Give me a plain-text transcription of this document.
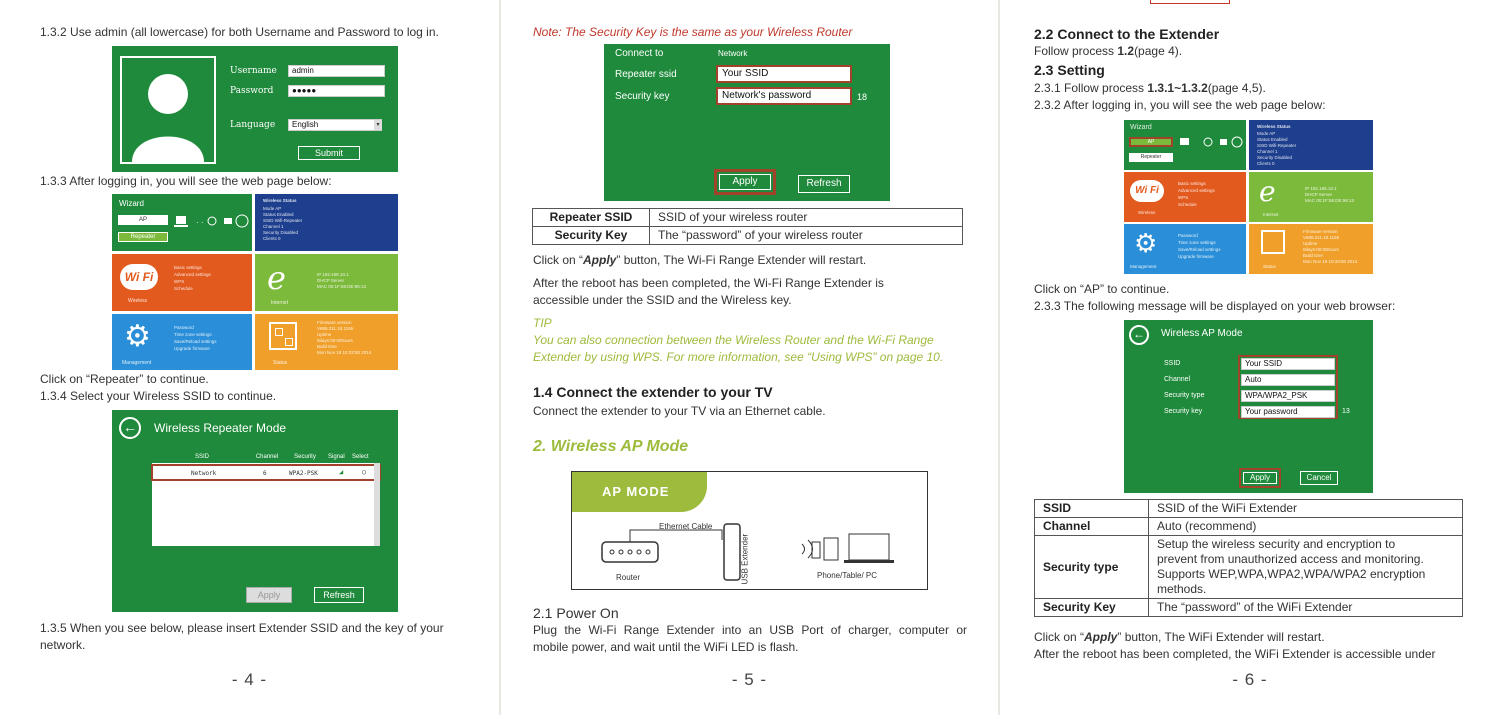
1.3.2 Use admin (all lowercase) for both Username and Password to log in.
Username	admin
Password	●●●●●
Language	English	▾
Submit
1.3.3 After logging in, you will see the web page below:
Wizard
AP
Repeater
· ·
Wireless Status
Mode AP
Status Enabled
SSID Wifi-Repeater
Channel 1
Security Disabled
Clients 0
Wi Fi
Wireless
Basic settings
Advanced settings
WPS
Schedule	e
Internet
IP 192.168.10.1
DHCP Server
MAC 00:1F:56:DE:96:13
⚙
Management
Password
Time zone settings
Save/Reload settings
Upgrade firmware
Status
Firmware version
V686.211.18.1155
Uptime
0days:00:00hours
Build time
Mon Nov 18 10:33:50 2014
Click on “Repeater” to continue.
1.3.4 Select your Wireless SSID to continue.
←	Wireless Repeater Mode
SSID	Channel	Security	Signal	Select
Network	6	WPA2-PSK	◢	○
Apply	Refresh
1.3.5 When you see below, please insert Extender SSID and the key of your
network.
- 4 -
Note: The Security Key is the same as your Wireless Router
Connect to	Network
Repeater ssid	Your SSID
Security key	Network's password	18
Apply	Refresh
Repeater SSID	SSID of your wireless router
Security Key	The “password” of your wireless router
Click on “Apply” button, The Wi-Fi Range Extender will restart.
After the reboot has been completed, the Wi-Fi Range Extender is
accessible under the SSID and the Wireless key.
TIP
You can also connection between the Wireless Router and the Wi-Fi Range
Extender by using WPS. For more information, see “Using WPS” on page 10.
1.4 Connect the extender to your TV
Connect the extender to your TV via an Ethernet cable.
2. Wireless AP Mode
AP MODE
Ethernet Cable
Router	USB Extender	Phone/Table/ PC
2.1 Power On
Plug the Wi-Fi Range Extender into an USB Port of charger, computer or
mobile power, and wait until the WiFi LED is flash.
- 5 -
2.2 Connect to the Extender
Follow process 1.2(page 4).
2.3 Setting
2.3.1 Follow process 1.3.1~1.3.2(page 4,5).
2.3.2 After logging in, you will see the web page below:
Wizard
AP
Repeater
Wireless Status
Mode AP
Status Enabled
SSID Wifi-Repeater
Channel 1
Security Disabled
Clients 0
Wi Fi
Wireless
Basic settings
Advanced settings
WPS
Schedule	e
Internet
IP 192.168.10.1
DHCP Server
MAC 00:1F:56:DE:96:13
⚙
Management
Password
Time zone settings
Save/Reload settings
Upgrade firmware
Status
Firmware version
V686.211.18.1155
Uptime
0days:00:00hours
Build time
Mon Nov 18 10:33:50 2014
Click on “AP” to continue.
2.3.3 The following message will be displayed on your web browser:
←	Wireless AP Mode
SSID	Your SSID
Channel	Auto
Security type	WPA/WPA2_PSK
Security key	Your password	13
Apply	Cancel
SSID	SSID of the WiFi Extender

Channel	Auto (recommend)

Security type	Setup the wireless security and encryption to
prevent from unauthorized access and monitoring.
Supports WEP,WPA,WPA2,WPA/WPA2 encryption
methods.

Security Key	The “password” of the WiFi Extender
Click on “Apply” button, The WiFi Extender will restart.
After the reboot has been completed, the WiFi Extender is accessible under
- 6 -
